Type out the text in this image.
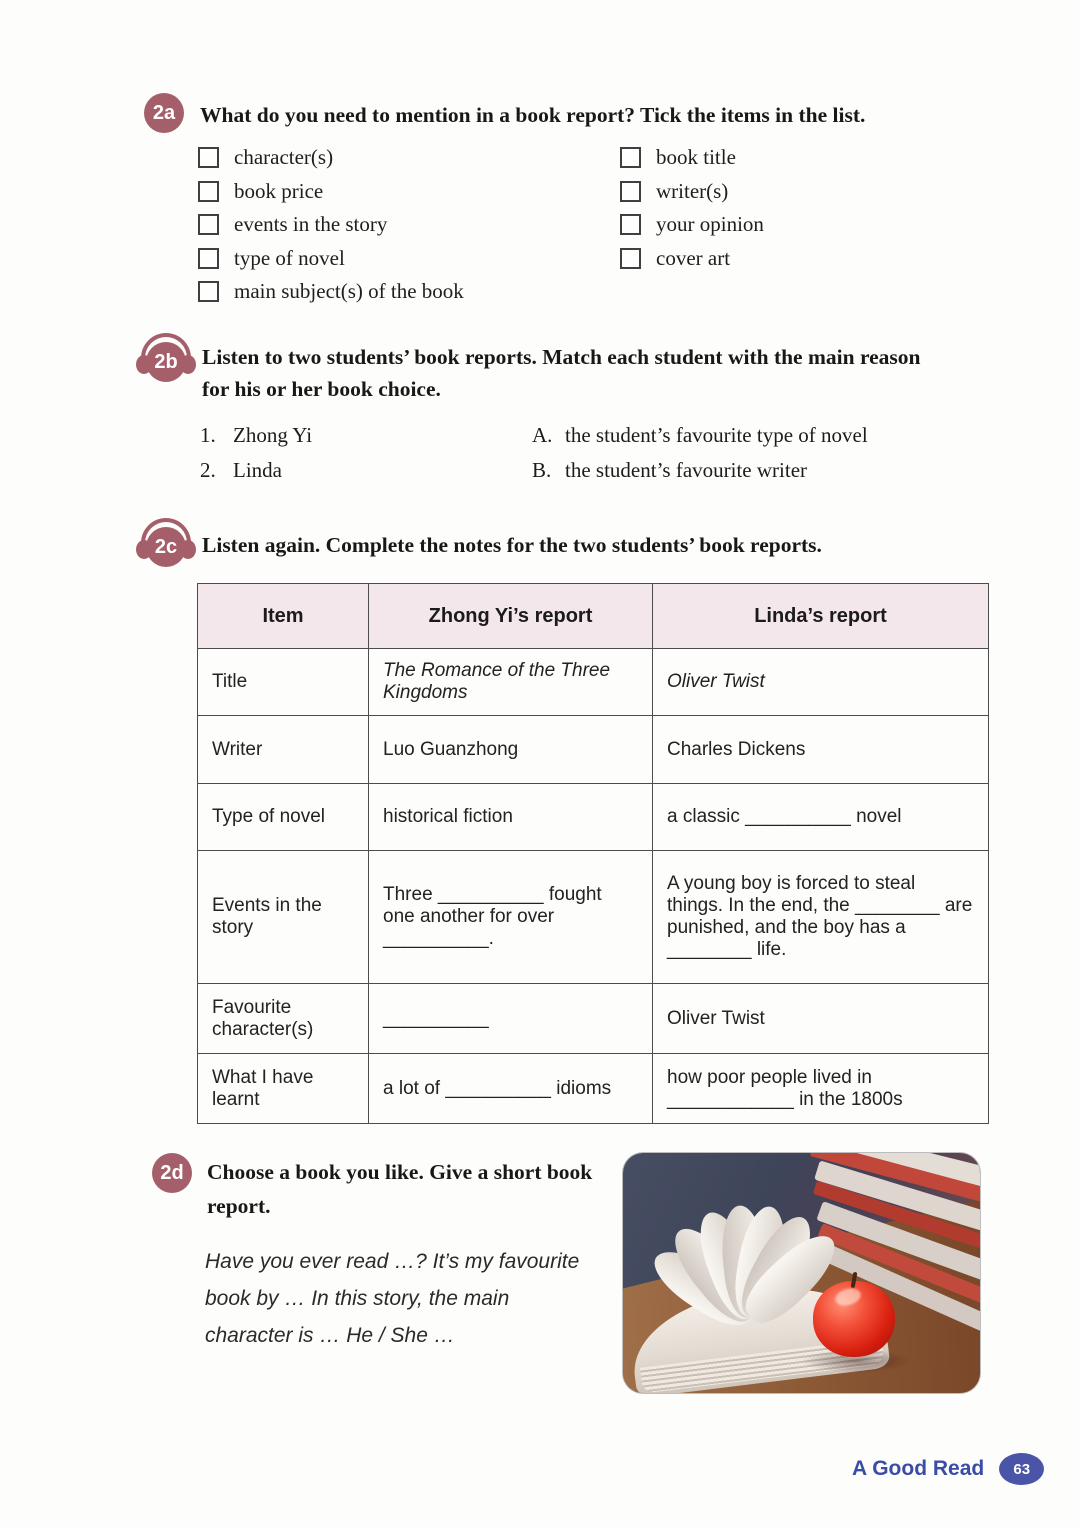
2a	What do you need to mention in a book report? Tick the items in the list.
character(s)
book price
events in the story
type of novel
main subject(s) of the book
book title
writer(s)
your opinion
cover art
2b	Listen to two students’ book reports. Match each student with the main reason for his or her book choice.
1. Zhong Yi
2. Linda
A. the student’s favourite type of novel
B. the student’s favourite writer
2c	Listen again. Complete the notes for the two students’ book reports.
Item	Zhong Yi’s report	Linda’s report
Title	The Romance of the Three Kingdoms	Oliver Twist
Writer	Luo Guanzhong	Charles Dickens
Type of novel	historical fiction	a classic __________ novel
Events in the story	Three __________ fought one another for over __________.	A young boy is forced to steal things. In the end, the ________ are punished, and the boy has a ________ life.
Favourite character(s)	__________	Oliver Twist
What I have learnt	a lot of __________ idioms	how poor people lived in ____________ in the 1800s
2d	Choose a book you like. Give a short book report.
Have you ever read …? It’s my favourite book by … In this story, the main character is … He / She …
A Good Read	63
